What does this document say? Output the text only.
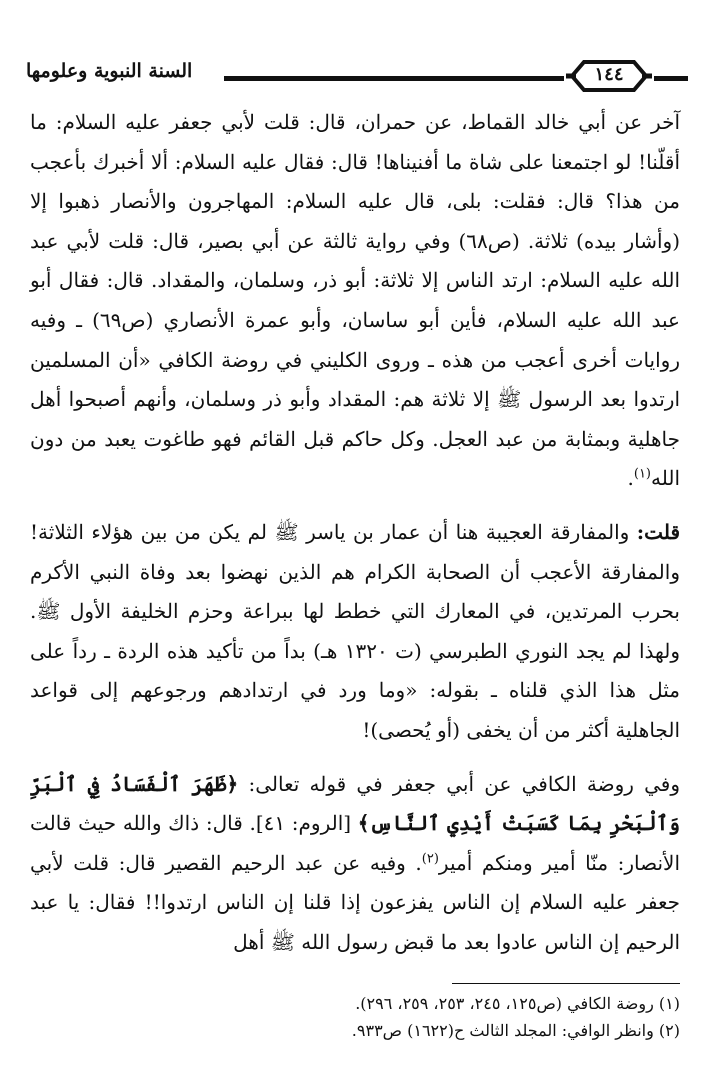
السنة النبوية وعلومها	١٤٤

آخر عن أبي خالد القماط، عن حمران، قال: قلت لأبي جعفر عليه السلام: ما أقلّنا! لو اجتمعنا على شاة ما أفنيناها! قال: فقال عليه السلام: ألا أخبرك بأعجب من هذا؟ قال: فقلت: بلى، قال عليه السلام: المهاجرون والأنصار ذهبوا إلا (وأشار بيده) ثلاثة. (ص٦٨) وفي رواية ثالثة عن أبي بصير، قال: قلت لأبي عبد الله عليه السلام: ارتد الناس إلا ثلاثة: أبو ذر، وسلمان، والمقداد. قال: فقال أبو عبد الله عليه السلام، فأين أبو ساسان، وأبو عمرة الأنصاري (ص٦٩) ـ وفيه روايات أخرى أعجب من هذه ـ وروى الكليني في روضة الكافي «أن المسلمين ارتدوا بعد الرسول ﷺ إلا ثلاثة هم: المقداد وأبو ذر وسلمان، وأنهم أصبحوا أهل جاهلية وبمثابة من عبد العجل. وكل حاكم قبل القائم فهو طاغوت يعبد من دون الله$^{(١)}$.

قلت: والمفارقة العجيبة هنا أن عمار بن ياسر ﷺ لم يكن من بين هؤلاء الثلاثة! والمفارقة الأعجب أن الصحابة الكرام هم الذين نهضوا بعد وفاة النبي الأكرم بحرب المرتدين، في المعارك التي خطط لها ببراعة وحزم الخليفة الأول ﷺ. ولهذا لم يجد النوري الطبرسي (ت ١٣٢٠ هـ) بداً من تأكيد هذه الردة ـ رداً على مثل هذا الذي قلناه ـ بقوله: «وما ورد في ارتدادهم ورجوعهم إلى قواعد الجاهلية أكثر من أن يخفى (أو يُحصى)!

وفي روضة الكافي عن أبي جعفر في قوله تعالى: ﴿ظَهَرَ ٱلْفَسَادُ فِي ٱلْبَرِّ وَٱلْبَحْرِ بِمَا كَسَبَتْ أَيْدِي ٱلنَّاسِ﴾ [الروم: ٤١]. قال: ذاك والله حيث قالت الأنصار: منّا أمير ومنكم أمير$^{(٢)}$. وفيه عن عبد الرحيم القصير قال: قلت لأبي جعفر عليه السلام إن الناس يفزعون إذا قلنا إن الناس ارتدوا!! فقال: يا عبد الرحيم إن الناس عادوا بعد ما قبض رسول الله ﷺ أهل

(١) روضة الكافي (ص١٢٥، ٢٤٥، ٢٥٣، ٢٥٩، ٢٩٦).

(٢) وانظر الوافي: المجلد الثالث ح(١٦٢٢) ص٩٣٣.
